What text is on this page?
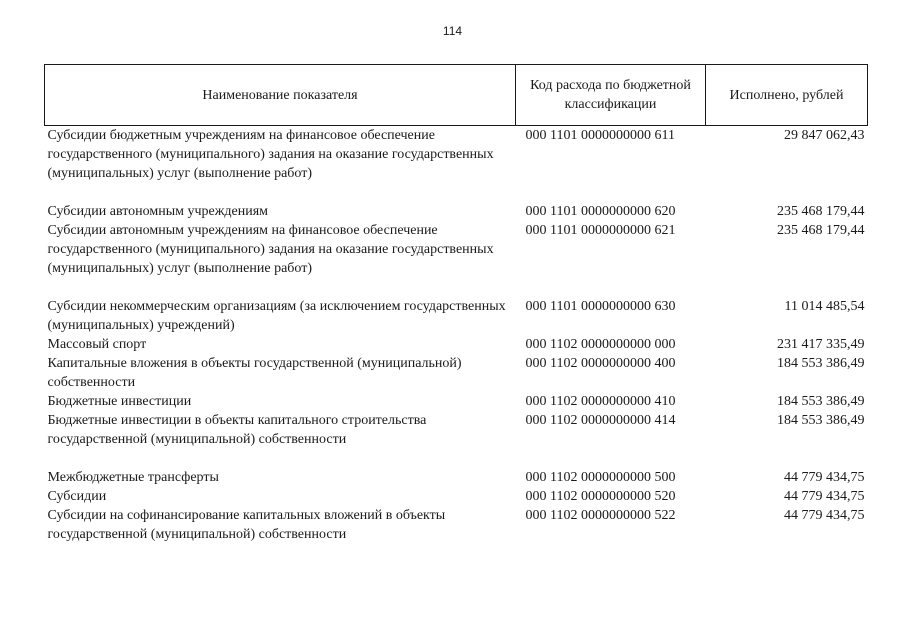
114
Наименование показателя	Код расхода по бюджетной классификации	Исполнено, рублей
Субсидии бюджетным учреждениям на финансовое обеспечение государственного (муниципального) задания на оказание государственных (муниципальных) услуг (выполнение работ)	000 1101 0000000000 611	29 847 062,43
Субсидии автономным учреждениям	000 1101 0000000000 620	235 468 179,44
Субсидии автономным учреждениям на финансовое обеспечение государственного (муниципального) задания на оказание государственных (муниципальных) услуг (выполнение работ)	000 1101 0000000000 621	235 468 179,44
Субсидии некоммерческим организациям (за исключением государственных (муниципальных) учреждений)	000 1101 0000000000 630	11 014 485,54
Массовый спорт	000 1102 0000000000 000	231 417 335,49
Капитальные вложения в объекты государственной (муниципальной) собственности	000 1102 0000000000 400	184 553 386,49
Бюджетные инвестиции	000 1102 0000000000 410	184 553 386,49
Бюджетные инвестиции в объекты капитального строительства государственной (муниципальной) собственности	000 1102 0000000000 414	184 553 386,49
Межбюджетные трансферты	000 1102 0000000000 500	44 779 434,75
Субсидии	000 1102 0000000000 520	44 779 434,75
Субсидии на софинансирование капитальных вложений в объекты государственной (муниципальной) собственности	000 1102 0000000000 522	44 779 434,75
